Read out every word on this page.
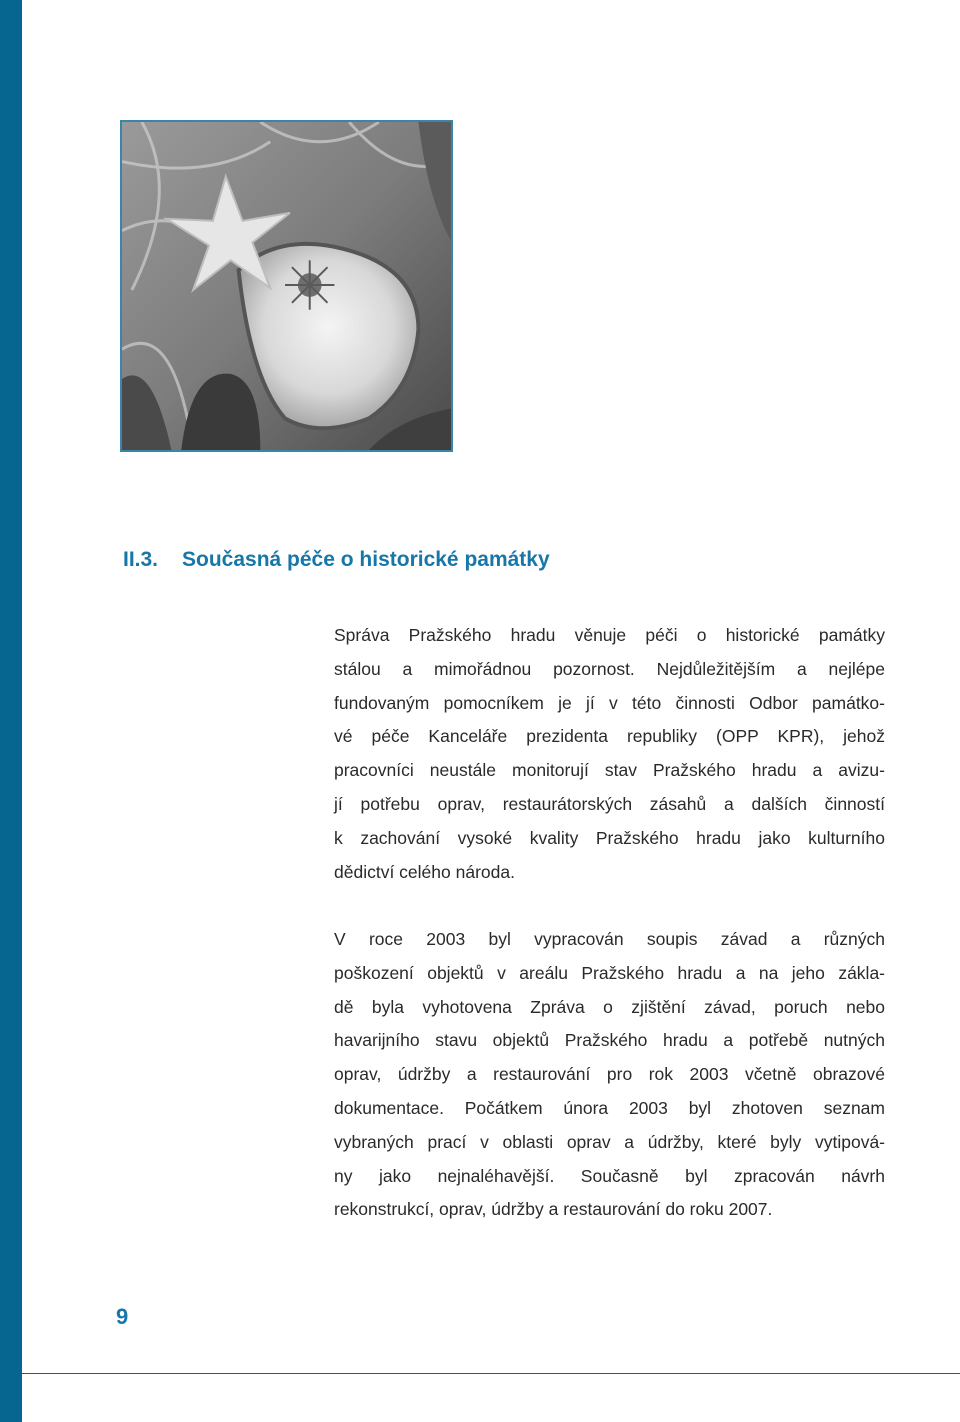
II.3. Současná péče o historické památky

Správa Pražského hradu věnuje péči o historické památky
stálou a mimořádnou pozornost. Nejdůležitějším a nejlépe
fundovaným pomocníkem je jí v této činnosti Odbor památko-
vé péče Kanceláře prezidenta republiky (OPP KPR), jehož
pracovníci neustále monitorují stav Pražského hradu a avizu-
jí potřebu oprav, restaurátorských zásahů a dalších činností
k zachování vysoké kvality Pražského hradu jako kulturního
dědictví celého národa.

V roce 2003 byl vypracován soupis závad a různých
poškození objektů v areálu Pražského hradu a na jeho zákla-
dě byla vyhotovena Zpráva o zjištění závad, poruch nebo
havarijního stavu objektů Pražského hradu a potřebě nutných
oprav, údržby a restaurování pro rok 2003 včetně obrazové
dokumentace. Počátkem února 2003 byl zhotoven seznam
vybraných prací v oblasti oprav a údržby, které byly vytipová-
ny jako nejnaléhavější. Současně byl zpracován návrh
rekonstrukcí, oprav, údržby a restaurování do roku 2007.

9
